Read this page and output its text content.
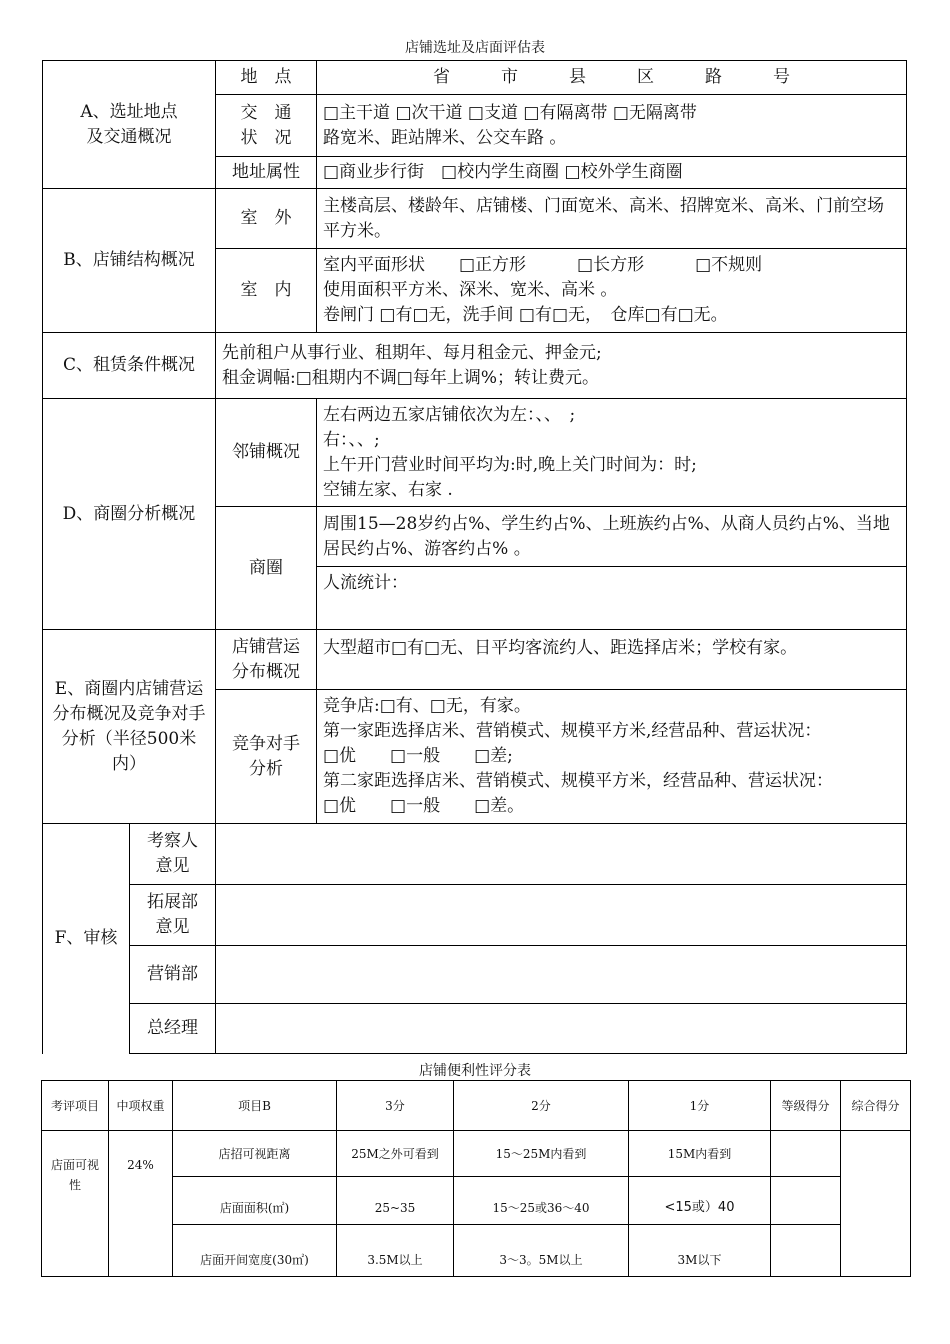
店铺选址及店面评估表
A、选址地点
及交通概况		地　点	省　　　市　　　县　　　区　　　路　　　号

		交　通 状　况	□主干道 □次干道 □支道 □有隔离带 □无隔离带
路宽米、距站牌米、公交车路 。

		地址属性	□商业步行街　□校内学生商圈 □校外学生商圈
B、店铺结构概况		室　外	主楼高层、楼龄年、店铺楼、门面宽米、高米、招牌宽米、高米、门前空场平方米。
		室　内	室内平面形状　　□正方形　　　□长方形　　　□不规则
使用面积平方米、深米、宽米、高米 。
卷闸门 □有□无，洗手间 □有□无，　仓库□有□无。

C、租赁条件概况		先前租户从事行业、租期年、每月租金元、押金元;
租金调幅:□租期内不调□每年上调%；转让费元。	

D、商圈分析概况		邻铺概况	左右两边五家店铺依次为左：、、　;
右：、、;
上午开门营业时间平均为:时,晚上关门时间为：时;
空铺左家、右家 .

		商圈	周围15—28岁约占%、学生约占%、上班族约占%、从商人员约占%、当地居民约占%、游客约占% 。
			人流统计：

E、商圈内店铺营运分布概况及竞争对手分析（半径500米内）		店铺营运分布概况	大型超市□有□无、日平均客流约人、距选择店米；学校有家。

		竞争对手分析	竞争店:□有、□无，有家。
第一家距选择店米、营销模式、规模平方米,经营品种、营运状况：
□优　　□一般　　□差;
第二家距选择店米、营销模式、规模平方米，经营品种、营运状况：
□优　　□一般　　□差。

F、审核	考察人意见		

	拓展部意见		

	营销部		
	总经理		
店铺便利性评分表
考评项目	中项权重	项目B	3分	2分	1分	等级得分	综合得分

店面可视性	24%	店招可视距离	25M之外可看到	15～25M内看到	15M内看到		
		店面面积(㎡)	25~35	15～25或36～40	<15或）40		
		店面开间宽度(30㎡)	3.5M以上	3～3。5M以上	3M以下		
